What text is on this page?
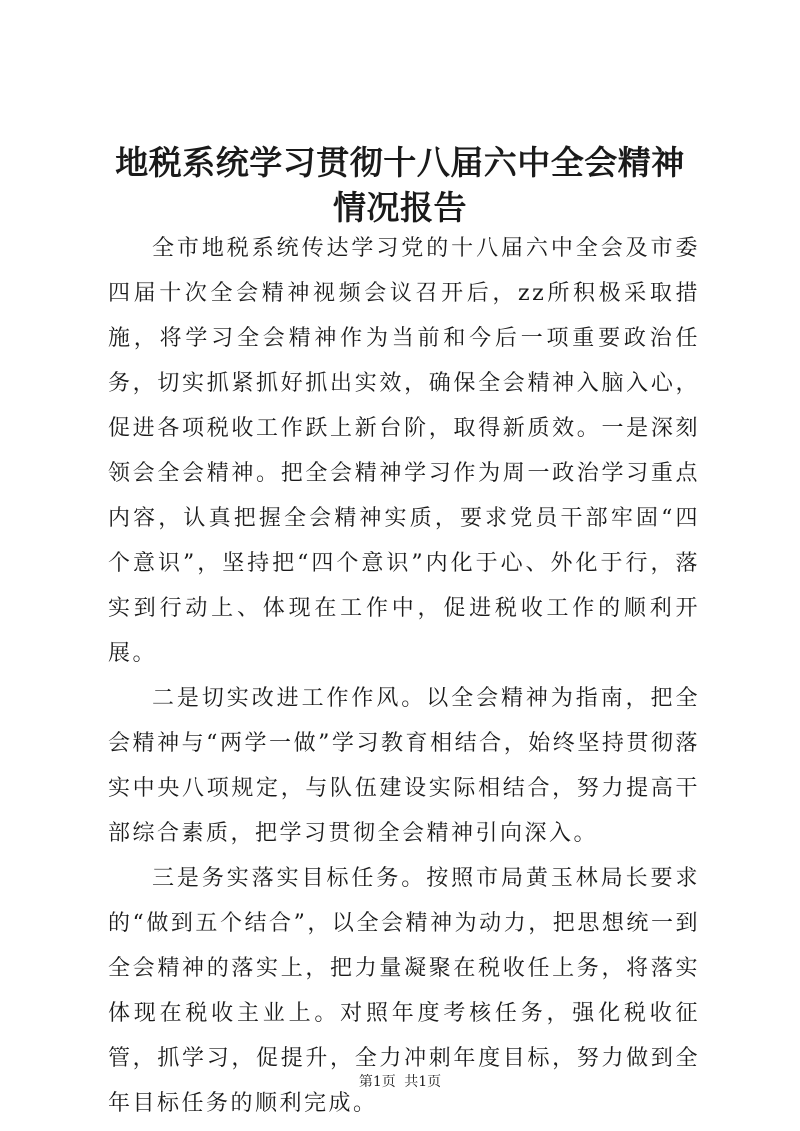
地税系统学习贯彻十八届六中全会精神情况报告

全市地税系统传达学习党的十八届六中全会及市委四届十次全会精神视频会议召开后，zz所积极采取措施，将学习全会精神作为当前和今后一项重要政治任务，切实抓紧抓好抓出实效，确保全会精神入脑入心，促进各项税收工作跃上新台阶，取得新质效。一是深刻领会全会精神。把全会精神学习作为周一政治学习重点内容，认真把握全会精神实质，要求党员干部牢固“四个意识”，坚持把“四个意识”内化于心、外化于行，落实到行动上、体现在工作中，促进税收工作的顺利开展。

二是切实改进工作作风。以全会精神为指南，把全会精神与“两学一做”学习教育相结合，始终坚持贯彻落实中央八项规定，与队伍建设实际相结合，努力提高干部综合素质，把学习贯彻全会精神引向深入。

三是务实落实目标任务。按照市局黄玉林局长要求的“做到五个结合”，以全会精神为动力，把思想统一到全会精神的落实上，把力量凝聚在税收任上务，将落实体现在税收主业上。对照年度考核任务，强化税收征管，抓学习，促提升，全力冲刺年度目标，努力做到全年目标任务的顺利完成。

第1页 共1页
